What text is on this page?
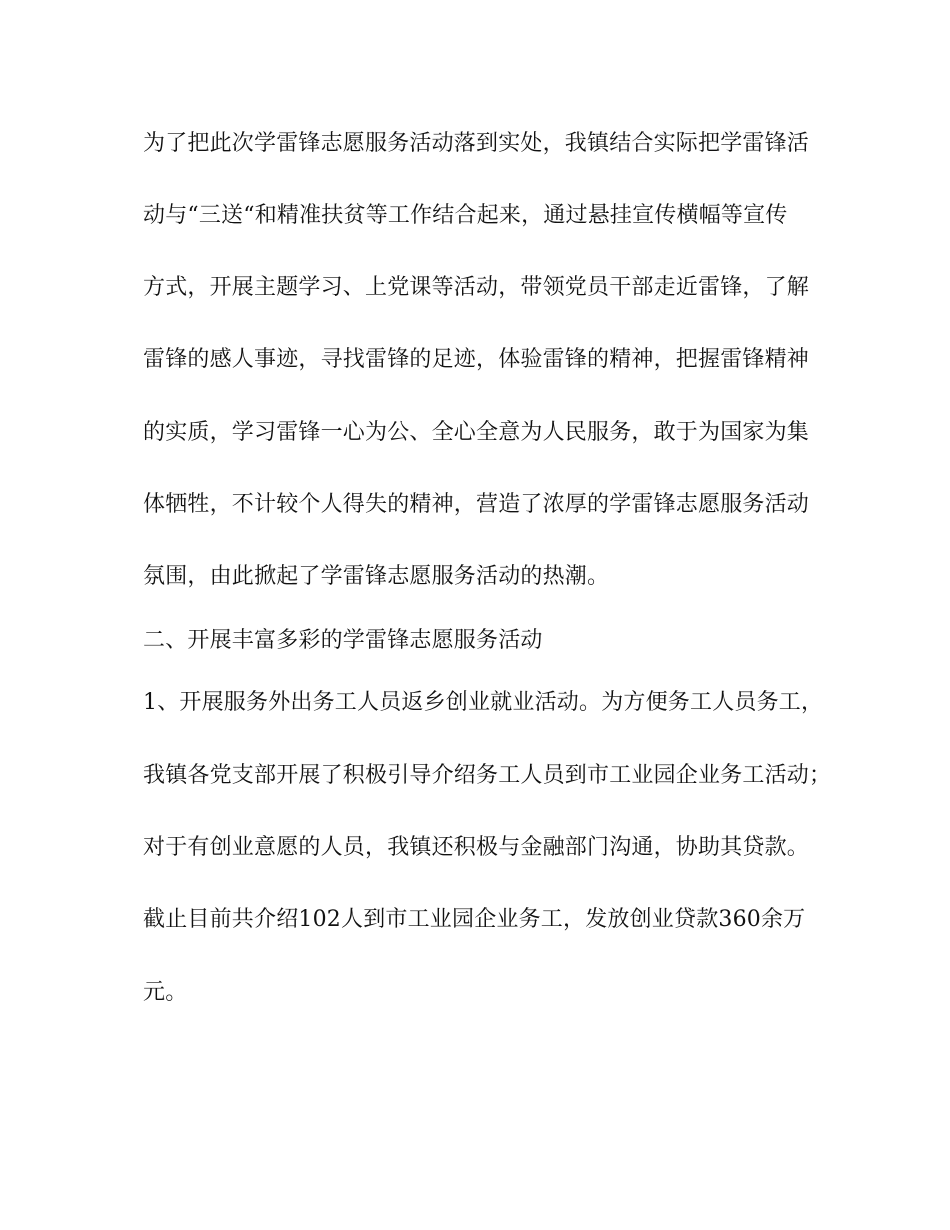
为了把此次学雷锋志愿服务活动落到实处，我镇结合实际把学雷锋活
动与“三送“和精准扶贫等工作结合起来，通过悬挂宣传横幅等宣传
方式，开展主题学习、上党课等活动，带领党员干部走近雷锋，了解
雷锋的感人事迹，寻找雷锋的足迹，体验雷锋的精神，把握雷锋精神
的实质，学习雷锋一心为公、全心全意为人民服务，敢于为国家为集
体牺牲，不计较个人得失的精神，营造了浓厚的学雷锋志愿服务活动
氛围，由此掀起了学雷锋志愿服务活动的热潮。
二、开展丰富多彩的学雷锋志愿服务活动
1、开展服务外出务工人员返乡创业就业活动。为方便务工人员务工，
我镇各党支部开展了积极引导介绍务工人员到市工业园企业务工活动；
对于有创业意愿的人员，我镇还积极与金融部门沟通，协助其贷款。
截止目前共介绍102人到市工业园企业务工，发放创业贷款360余万
元。
